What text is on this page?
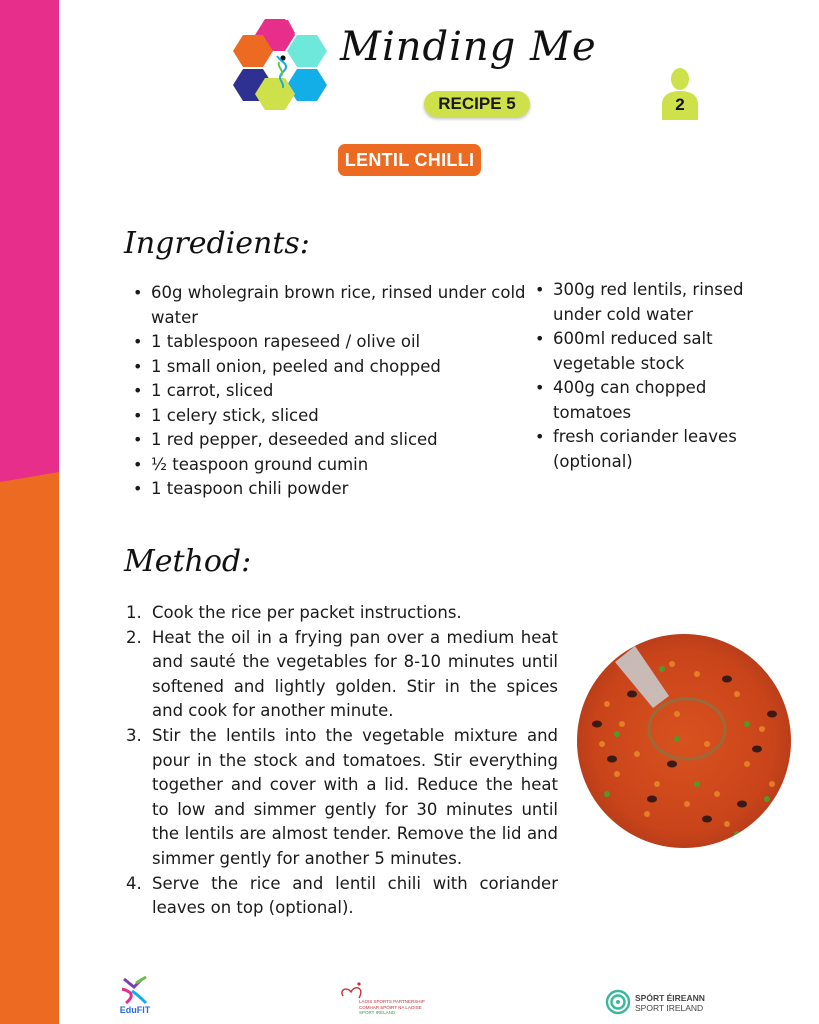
Minding Me
RECIPE 5	2
LENTIL CHILLI
Ingredients:
• 60g wholegrain brown rice, rinsed under cold water
• 1 tablespoon rapeseed / olive oil
• 1 small onion, peeled and chopped
• 1 carrot, sliced
• 1 celery stick, sliced
• 1 red pepper, deseeded and sliced
• ½ teaspoon ground cumin
• 1 teaspoon chili powder
• 300g red lentils, rinsed under cold water
• 600ml reduced salt vegetable stock
• 400g can chopped tomatoes
• fresh coriander leaves (optional)
Method:
1. Cook the rice per packet instructions.
2. Heat the oil in a frying pan over a medium heat and sauté the vegetables for 8-10 minutes until softened and lightly golden. Stir in the spices and cook for another minute.
3. Stir the lentils into the vegetable mixture and pour in the stock and tomatoes. Stir everything together and cover with a lid. Reduce the heat to low and simmer gently for 30 minutes until the lentils are almost tender. Remove the lid and simmer gently for another 5 minutes.
4. Serve the rice and lentil chili with coriander leaves on top (optional).
EduFIT
LAOIS SPORTS PARTNERSHIP
COMHAR SPÓIRT NA LAOISE
SPORT IRELAND
SPÓRT ÉIREANN
SPORT IRELAND
